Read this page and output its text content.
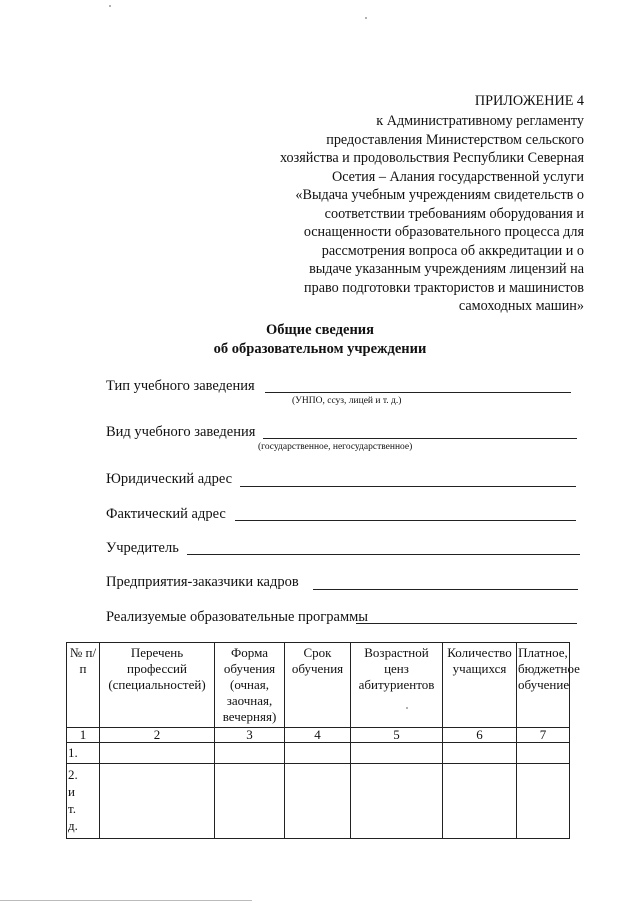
ПРИЛОЖЕНИЕ 4
к Административному регламенту
предоставления Министерством сельского
хозяйства и продовольствия Республики Северная
Осетия – Алания государственной услуги
«Выдача учебным учреждениям свидетельств о
соответствии требованиям оборудования и
оснащенности образовательного процесса для
рассмотрения вопроса об аккредитации и о
выдаче указанным учреждениям лицензий на
право подготовки трактористов и машинистов
самоходных машин»
Общие сведения
об образовательном учреждении
Тип учебного заведения
(УНПО, ссуз, лицей и т. д.)
Вид учебного заведения
(государственное, негосударственное)
Юридический адрес
Фактический адрес
Учредитель
Предприятия-заказчики кадров
Реализуемые образовательные программы
№ п/п	Перечень профессий (специальностей)	Форма обучения (очная, заочная, вечерняя)	Срок обучения	Возрастной ценз абитуриентов	Количество учащихся	Платное, бюджетное обучение
1	2	3	4	5	6	7
1.						
2. и т. д.						
